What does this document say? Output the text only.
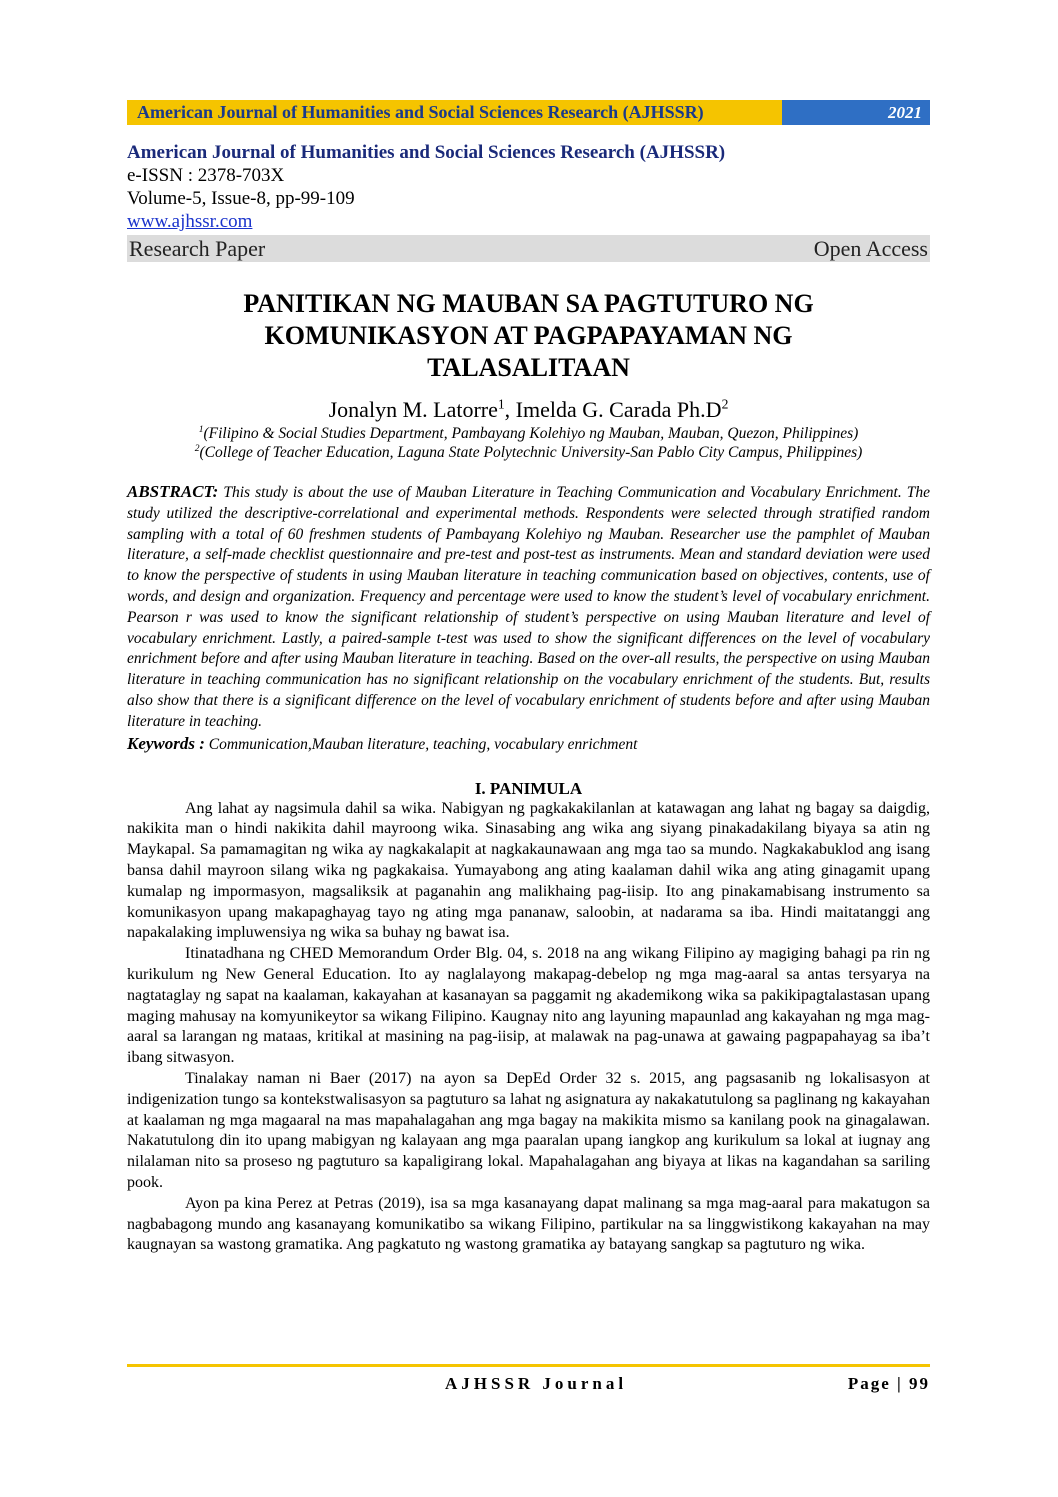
American Journal of Humanities and Social Sciences Research (AJHSSR)	2021
American Journal of Humanities and Social Sciences Research (AJHSSR)
e-ISSN : 2378-703X
Volume-5, Issue-8, pp-99-109
www.ajhssr.com
Research Paper	Open Access
PANITIKAN NG MAUBAN SA PAGTUTURO NG
KOMUNIKASYON AT PAGPAPAYAMAN NG
TALASALITAAN
Jonalyn M. Latorre$^1$, Imelda G. Carada $Ph.D^2$
$^1$(Filipino & Social Studies Department, Pambayang Kolehiyo ng Mauban, Mauban, Quezon, Philippines)
$^2$(College of Teacher Education, Laguna State Polytechnic University-San Pablo City Campus, Philippines)
ABSTRACT: This study is about the use of Mauban Literature in Teaching Communication and Vocabulary Enrichment. The study utilized the descriptive-correlational and experimental methods. Respondents were selected through stratified random sampling with a total of 60 freshmen students of Pambayang Kolehiyo ng Mauban. Researcher use the pamphlet of Mauban literature, a self-made checklist questionnaire and pre-test and post-test as instruments. Mean and standard deviation were used to know the perspective of students in using Mauban literature in teaching communication based on objectives, contents, use of words, and design and organization. Frequency and percentage were used to know the student’s level of vocabulary enrichment. Pearson r was used to know the significant relationship of student’s perspective on using Mauban literature and level of vocabulary enrichment. Lastly, a paired-sample t-test was used to show the significant differences on the level of vocabulary enrichment before and after using Mauban literature in teaching. Based on the over-all results, the perspective on using Mauban literature in teaching communication has no significant relationship on the vocabulary enrichment of the students. But, results also show that there is a significant difference on the level of vocabulary enrichment of students before and after using Mauban literature in teaching.
Keywords : Communication,Mauban literature, teaching, vocabulary enrichment
I. PANIMULA

Ang lahat ay nagsimula dahil sa wika. Nabigyan ng pagkakakilanlan at katawagan ang lahat ng bagay sa daigdig, nakikita man o hindi nakikita dahil mayroong wika. Sinasabing ang wika ang siyang pinakadakilang biyaya sa atin ng Maykapal. Sa pamamagitan ng wika ay nagkakalapit at nagkakaunawaan ang mga tao sa mundo. Nagkakabuklod ang isang bansa dahil mayroon silang wika ng pagkakaisa. Yumayabong ang ating kaalaman dahil wika ang ating ginagamit upang kumalap ng impormasyon, magsaliksik at paganahin ang malikhaing pag-iisip. Ito ang pinakamabisang instrumento sa komunikasyon upang makapaghayag tayo ng ating mga pananaw, saloobin, at nadarama sa iba. Hindi maitatanggi ang napakalaking impluwensiya ng wika sa buhay ng bawat isa.

Itinatadhana ng CHED Memorandum Order Blg. 04, s. 2018 na ang wikang Filipino ay magiging bahagi pa rin ng kurikulum ng New General Education. Ito ay naglalayong makapag-debelop ng mga mag-aaral sa antas tersyarya na nagtataglay ng sapat na kaalaman, kakayahan at kasanayan sa paggamit ng akademikong wika sa pakikipagtalastasan upang maging mahusay na komyunikeytor sa wikang Filipino. Kaugnay nito ang layuning mapaunlad ang kakayahan ng mga mag-aaral sa larangan ng mataas, kritikal at masining na pag-iisip, at malawak na pag-unawa at gawaing pagpapahayag sa iba’t ibang sitwasyon.

Tinalakay naman ni Baer (2017) na ayon sa DepEd Order 32 s. 2015, ang pagsasanib ng lokalisasyon at indigenization tungo sa kontekstwalisasyon sa pagtuturo sa lahat ng asignatura ay nakakatutulong sa paglinang ng kakayahan at kaalaman ng mga magaaral na mas mapahalagahan ang mga bagay na makikita mismo sa kanilang pook na ginagalawan. Nakatutulong din ito upang mabigyan ng kalayaan ang mga paaralan upang iangkop ang kurikulum sa lokal at iugnay ang nilalaman nito sa proseso ng pagtuturo sa kapaligirang lokal. Mapahalagahan ang biyaya at likas na kagandahan sa sariling pook.

Ayon pa kina Perez at Petras (2019), isa sa mga kasanayang dapat malinang sa mga mag-aaral para makatugon sa nagbabagong mundo ang kasanayang komunikatibo sa wikang Filipino, partikular na sa linggwistikong kakayahan na may kaugnayan sa wastong gramatika. Ang pagkatuto ng wastong gramatika ay batayang sangkap sa pagtuturo ng wika.

AJHSSR Journal	Page | 99
